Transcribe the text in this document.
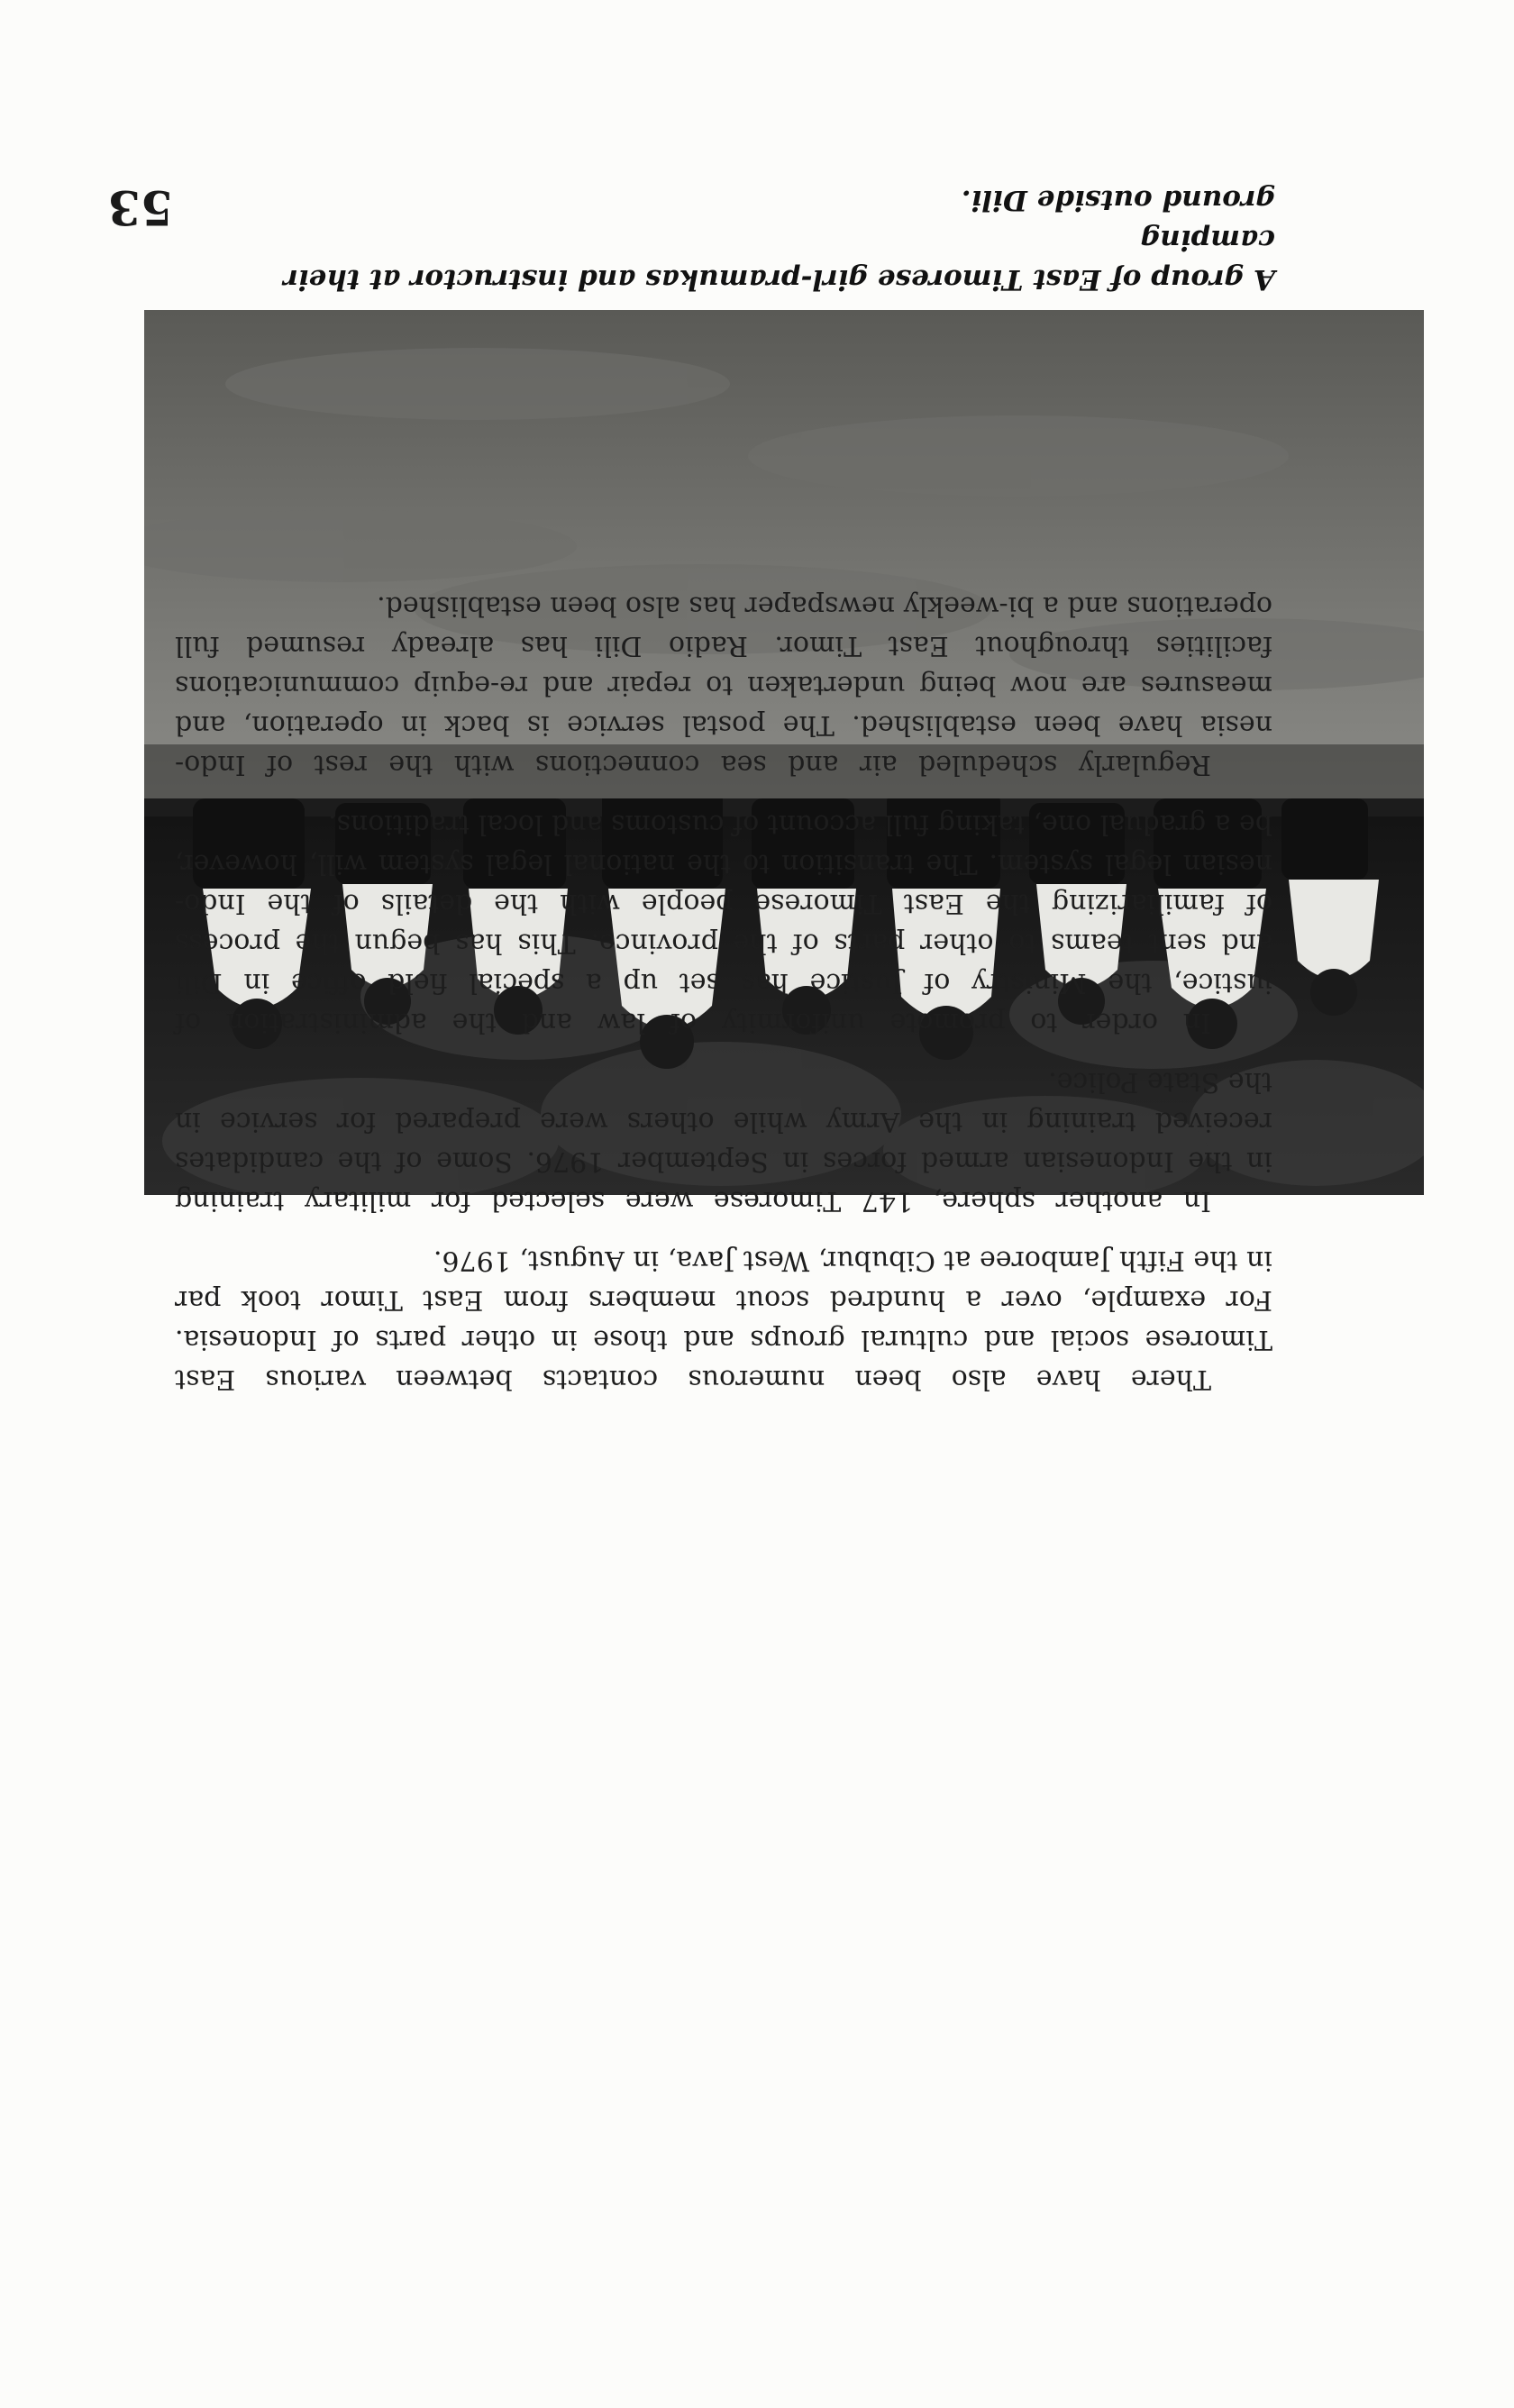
53
A group of East Timorese girl-pramukas and instructor at their camping
ground outside Dili.
There have also been numerous contacts between various East
Timorese social and cultural groups and those in other parts of Indonesia.
For example, over a hundred scout members from East Timor took par
in the Fifth Jamboree at Cibubur, West Java, in August, 1976.
In another sphere, 147 Timorese were selected for military training
in the Indonesian armed forces in September 1976. Some of the candidates
received training in the Army while others were prepared for service in
the State Police.
In order to promote uniformity of law and the administration of
justice, the Ministry of Justice has set up a special field office in Dili
and sent teams to other parts of the province. This has begun the process
of familiarizing the East Timorese people with the details of the Indo-
nesian legal system. The transition to the national legal system will, however,
be a gradual one, taking full account of customs and local traditions.
Regularly scheduled air and sea connections with the rest of Indo-
nesia have been established. The postal service is back in operation, and
measures are now being undertaken to repair and re-equip communications
facilities throughout East Timor. Radio Dili has already resumed full
operations and a bi-weekly newspaper has also been established.
